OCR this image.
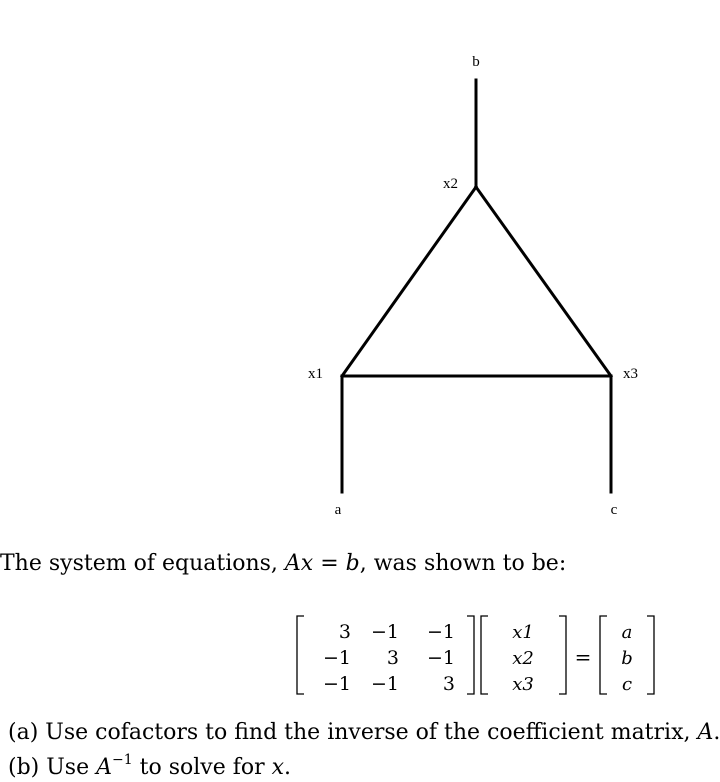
b
x2
x1	x3
a	c
The system of equations, Ax = b, was shown to be:
3 −1 −1
−1 3 −1
−1 −1 3
x1
x2
x3
a
b
c
=
(a) Use cofactors to find the inverse of the coefficient matrix, A.
(b) Use $A^{-1}$ to solve for x.
